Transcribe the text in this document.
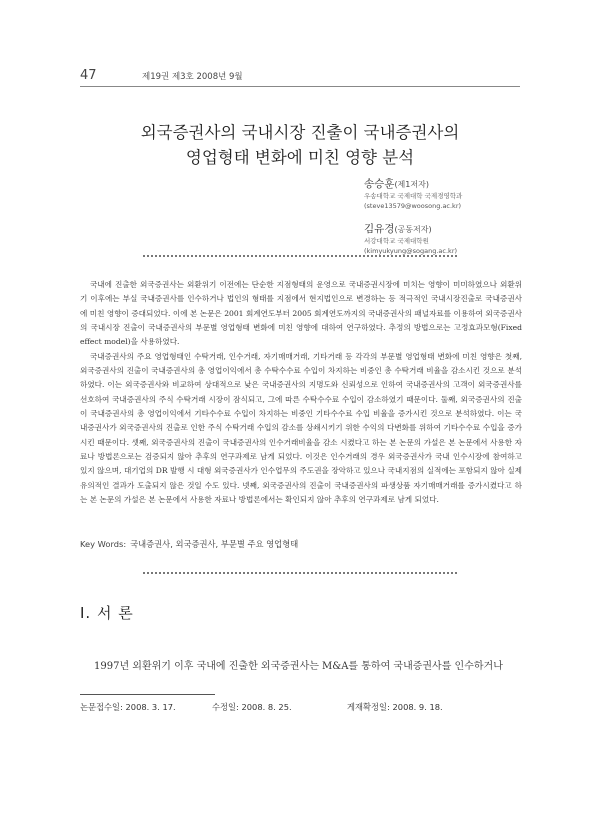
47	제19권 제3호 2008년 9월
외국증권사의 국내시장 진출이 국내증권사의
영업형태 변화에 미친 영향 분석
송승훈(제1저자)
우송대학교 국제대학 국제경영학과
(steve13579@woosong.ac.kr)
김유경(공동저자)
서강대학교 국제대학원
(kimyukyung@sogang.ac.kr)

국내에 진출한 외국증권사는 외환위기 이전에는 단순한 지점형태의 운영으로 국내증권시장에 미치는 영향이 미미하였으나 외환위기 이후에는 부실 국내증권사를 인수하거나 법인의 형태를 지점에서 현지법인으로 변경하는 등 적극적인 국내시장진출로 국내증권사에 미친 영향이 증대되었다. 이에 본 논문은 2001 회계연도부터 2005 회계연도까지의 국내증권사의 패널자료를 이용하여 외국증권사의 국내시장 진출이 국내증권사의 부문별 영업형태 변화에 미친 영향에 대하여 연구하였다. 추정의 방법으로는 고정효과모형(Fixed effect model)을 사용하였다.

국내증권사의 주요 영업형태인 수탁거래, 인수거래, 자기매매거래, 기타거래 등 각각의 부문별 영업형태 변화에 미친 영향은 첫째, 외국증권사의 진출이 국내증권사의 총 영업이익에서 총 수탁수수료 수입이 차지하는 비중인 총 수탁거래 비율을 감소시킨 것으로 분석하였다. 이는 외국증권사와 비교하여 상대적으로 낮은 국내증권사의 지명도와 신뢰성으로 인하여 국내증권사의 고객이 외국증권사를 선호하여 국내증권사의 주식 수탁거래 시장이 잠식되고, 그에 따른 수탁수수료 수입이 감소하였기 때문이다. 둘째, 외국증권사의 진출이 국내증권사의 총 영업이익에서 기타수수료 수입이 차지하는 비중인 기타수수료 수입 비율을 증가시킨 것으로 분석하였다. 이는 국내증권사가 외국증권사의 진출로 인한 주식 수탁거래 수입의 감소를 상쇄시키기 위한 수익의 다변화를 위하여 기타수수료 수입을 증가시킨 때문이다. 셋째, 외국증권사의 진출이 국내증권사의 인수거래비율을 감소 시켰다고 하는 본 논문의 가설은 본 논문에서 사용한 자료나 방법론으로는 검증되지 않아 추후의 연구과제로 남게 되었다. 이것은 인수거래의 경우 외국증권사가 국내 인수시장에 참여하고 있지 않으며, 대기업의 DR 발행 시 대형 외국증권사가 인수업무의 주도권을 장악하고 있으나 국내지점의 실적에는 포함되지 않아 실제 유의적인 결과가 도출되지 않은 것일 수도 있다. 넷째, 외국증권사의 진출이 국내증권사의 파생상품 자기매매거래를 증가시켰다고 하는 본 논문의 가설은 본 논문에서 사용한 자료나 방법론에서는 확인되지 않아 추후의 연구과제로 남게 되었다.

Key Words: 국내증권사, 외국증권사, 부문별 주요 영업형태
Ⅰ. 서 론

1997년 외환위기 이후 국내에 진출한 외국증권사는 M&A를 통하여 국내증권사를 인수하거나

논문접수일: 2008. 3. 17.	수정일: 2008. 8. 25.	게재확정일: 2008. 9. 18.
